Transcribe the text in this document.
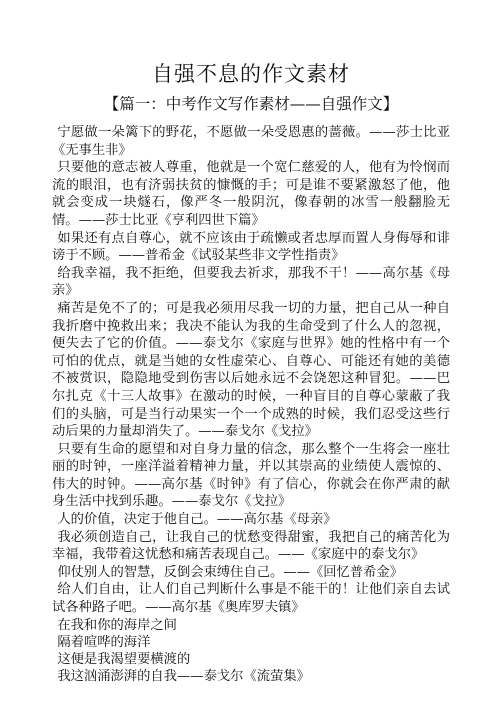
自强不息的作文素材
【篇一：中考作文写作素材——自强作文】

宁愿做一朵篱下的野花，不愿做一朵受恩惠的蔷薇。——莎士比亚《无事生非》

只要他的意志被人尊重，他就是一个宽仁慈爱的人，他有为怜悯而流的眼泪，也有济弱扶贫的慷慨的手；可是谁不要紧激怒了他，他就会变成一块燧石，像严冬一般阴沉，像春朝的冰雪一般翻脸无情。——莎士比亚《亨利四世下篇》

如果还有点自尊心，就不应该由于疏懒或者忠厚而置人身侮辱和诽谤于不顾。——普希金《试驳某些非文学性指责》

给我幸福，我不拒绝，但要我去祈求，那我不干！——高尔基《母亲》

痛苦是免不了的；可是我必须用尽我一切的力量，把自己从一种自我折磨中挽救出来；我决不能认为我的生命受到了什么人的忽视，便失去了它的价值。——泰戈尔《家庭与世界》她的性格中有一个可怕的优点，就是当她的女性虚荣心、自尊心、可能还有她的美德不被赏识，隐隐地受到伤害以后她永远不会饶恕这种冒犯。——巴尔扎克《十三人故事》在激动的时候，一种盲目的自尊心蒙蔽了我们的头脑，可是当行动果实一个一个成熟的时候，我们忍受这些行动后果的力量却消失了。——泰戈尔《戈拉》

只要有生命的愿望和对自身力量的信念，那么整个一生将会一座壮丽的时钟，一座洋溢着精神力量，并以其崇高的业绩使人震惊的、伟大的时钟。——高尔基《时钟》有了信心，你就会在你严肃的献身生活中找到乐趣。——泰戈尔《戈拉》

人的价值，决定于他自己。——高尔基《母亲》

我必须创造自己，让我自己的忧愁变得甜蜜，我把自己的痛苦化为幸福，我带着这忧愁和痛苦表现自己。——《家庭中的泰戈尔》

仰仗别人的智慧，反倒会束缚住自己。——《回忆普希金》

给人们自由，让人们自己判断什么事是不能干的！让他们亲自去试试各种路子吧。——高尔基《奥库罗夫镇》

在我和你的海岸之间

隔着喧哗的海洋

这便是我渴望要横渡的

我这汹涌澎湃的自我——泰戈尔《流萤集》
